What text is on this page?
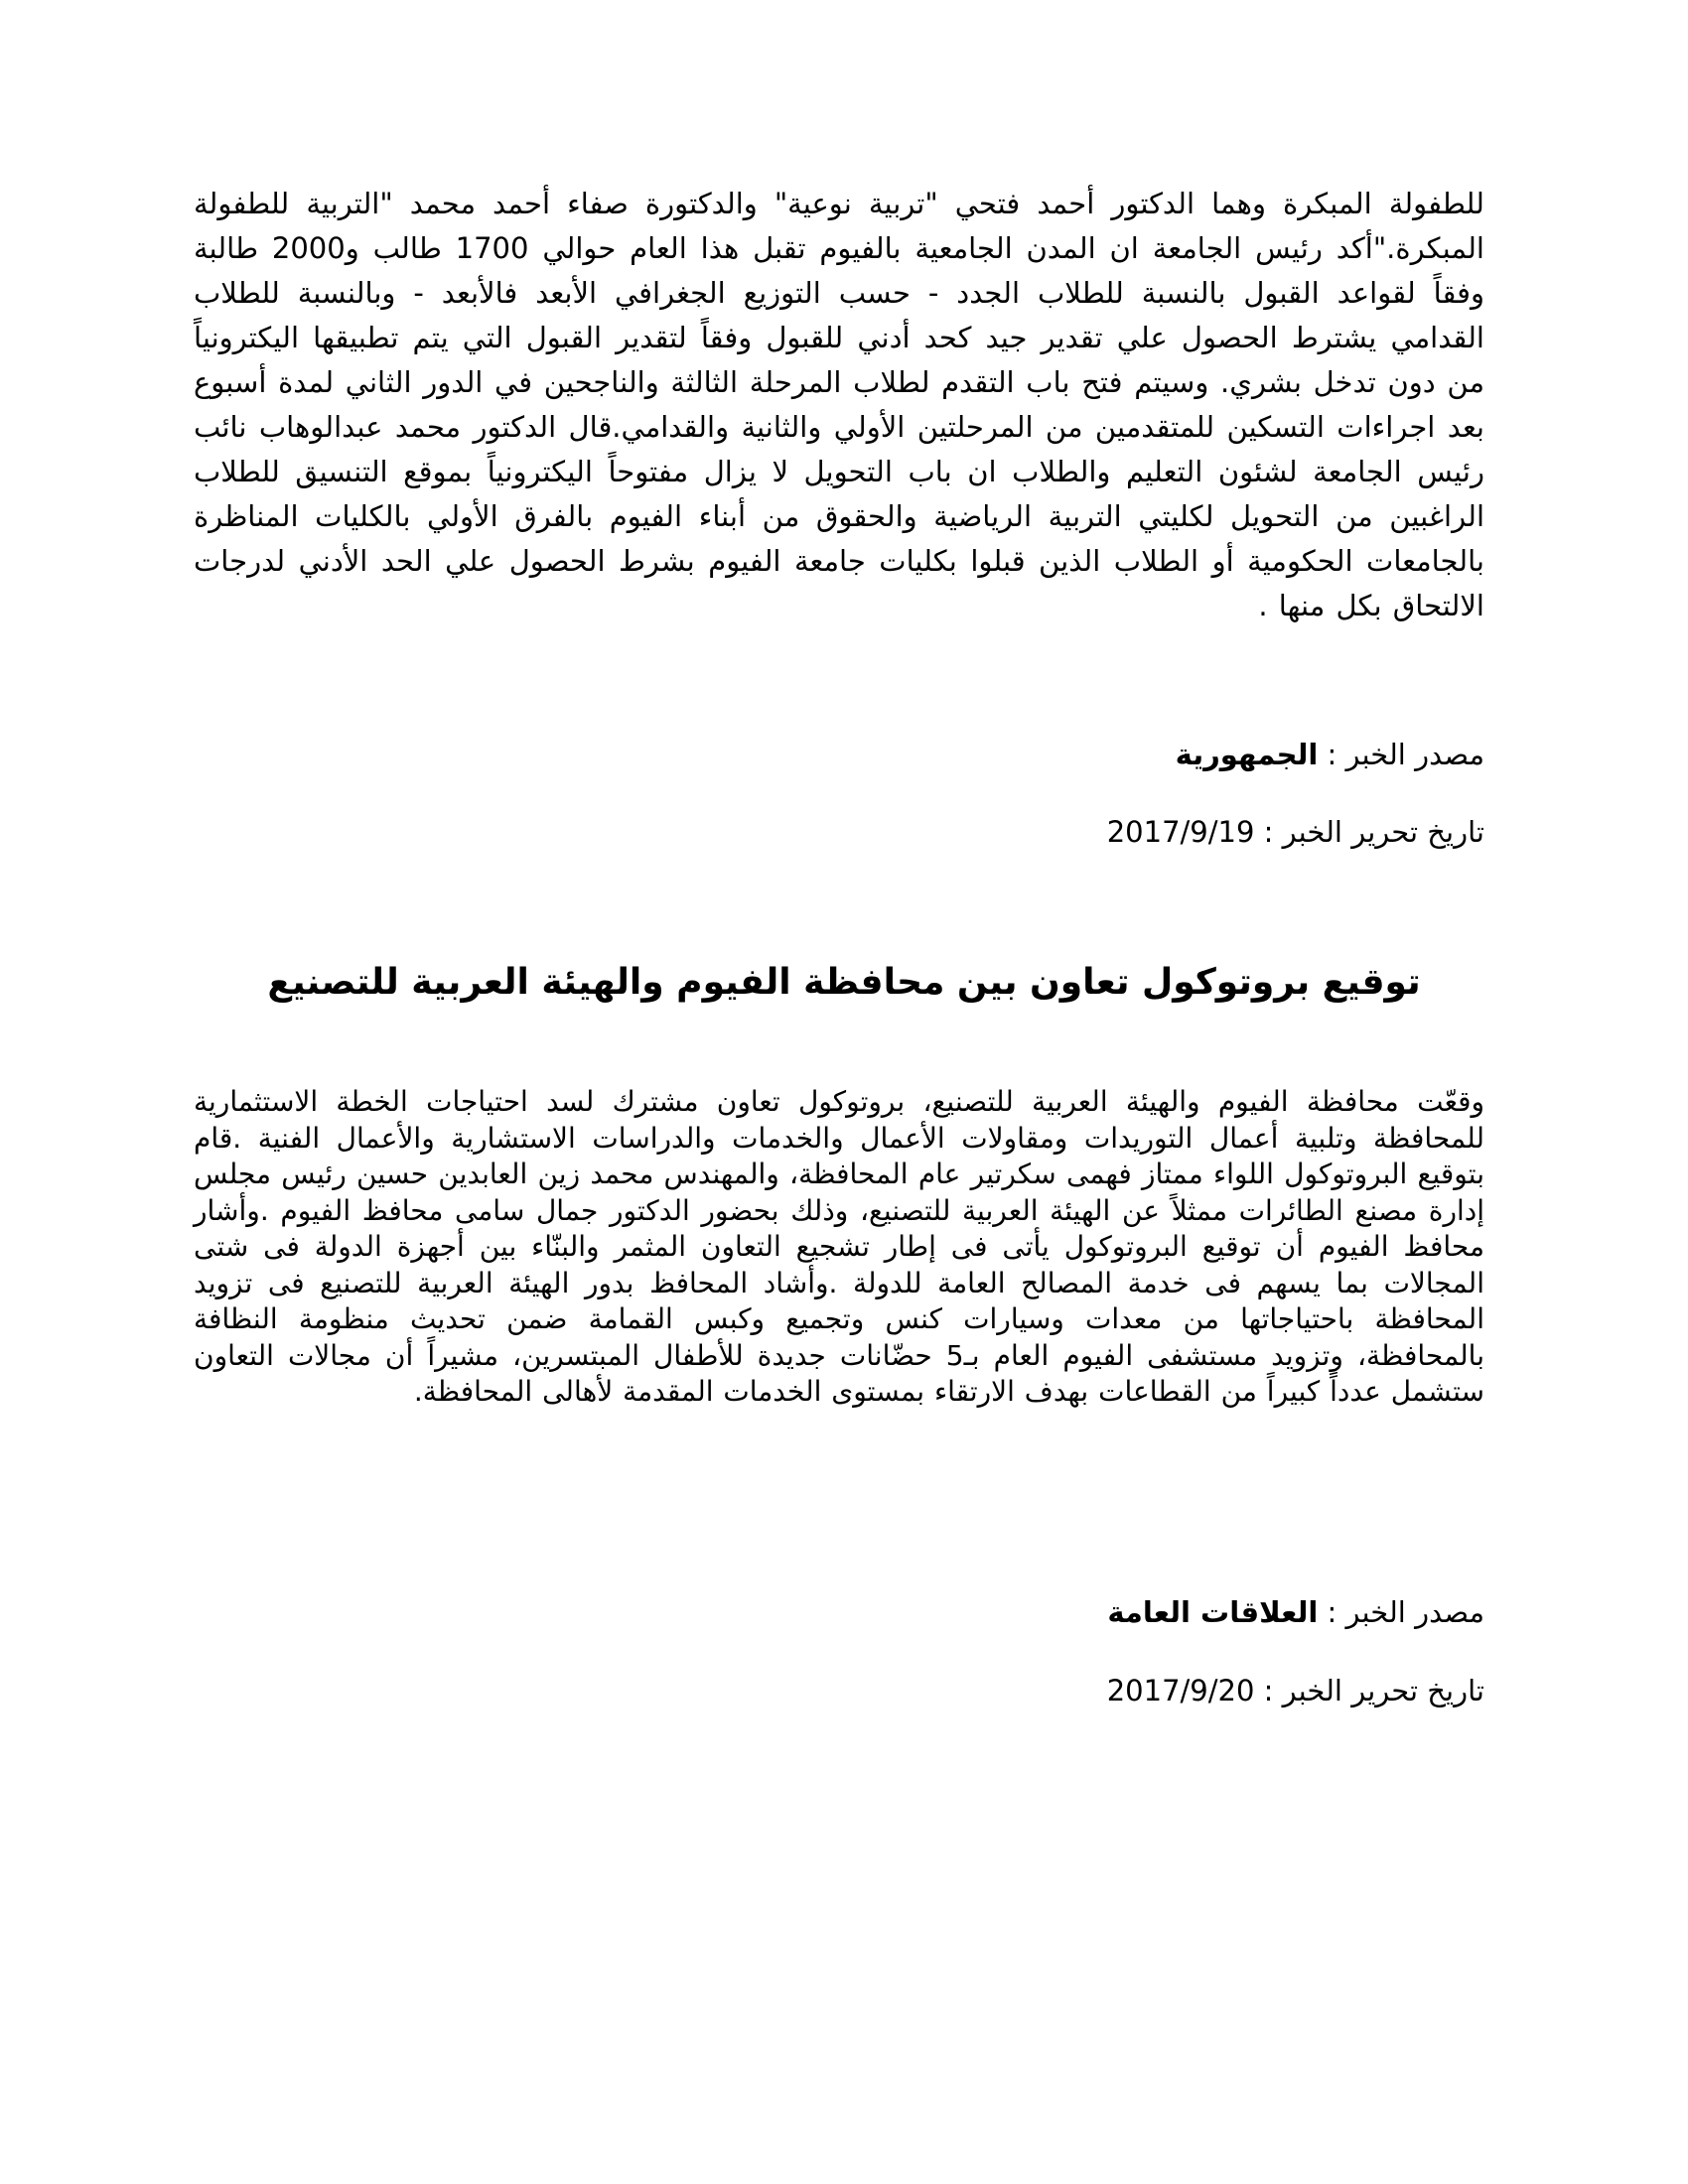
للطفولة المبكرة وهما الدكتور أحمد فتحي "تربية نوعية" والدكتورة صفاء أحمد محمد "التربية للطفولة المبكرة."أكد رئيس الجامعة ان المدن الجامعية بالفيوم تقبل هذا العام حوالي 1700 طالب و2000 طالبة وفقاً لقواعد القبول بالنسبة للطلاب الجدد - حسب التوزيع الجغرافي الأبعد فالأبعد - وبالنسبة للطلاب القدامي يشترط الحصول علي تقدير جيد كحد أدني للقبول وفقاً لتقدير القبول التي يتم تطبيقها اليكترونياً من دون تدخل بشري. وسيتم فتح باب التقدم لطلاب المرحلة الثالثة والناجحين في الدور الثاني لمدة أسبوع بعد اجراءات التسكين للمتقدمين من المرحلتين الأولي والثانية والقدامي.قال الدكتور محمد عبدالوهاب نائب رئيس الجامعة لشئون التعليم والطلاب ان باب التحويل لا يزال مفتوحاً اليكترونياً بموقع التنسيق للطلاب الراغبين من التحويل لكليتي التربية الرياضية والحقوق من أبناء الفيوم بالفرق الأولي بالكليات المناظرة بالجامعات الحكومية أو الطلاب الذين قبلوا بكليات جامعة الفيوم بشرط الحصول علي الحد الأدني لدرجات الالتحاق بكل منها .

مصدر الخبر : الجمهورية

تاريخ تحرير الخبر : 2017/9/19

توقيع بروتوكول تعاون بين محافظة الفيوم والهيئة العربية للتصنيع

وقعّت محافظة الفيوم والهيئة العربية للتصنيع، بروتوكول تعاون مشترك لسد احتياجات الخطة الاستثمارية للمحافظة وتلبية أعمال التوريدات ومقاولات الأعمال والخدمات والدراسات الاستشارية والأعمال الفنية .قام بتوقيع البروتوكول اللواء ممتاز فهمى سكرتير عام المحافظة، والمهندس محمد زين العابدين حسين رئيس مجلس إدارة مصنع الطائرات ممثلاً عن الهيئة العربية للتصنيع، وذلك بحضور الدكتور جمال سامى محافظ الفيوم .وأشار محافظ الفيوم أن توقيع البروتوكول يأتى فى إطار تشجيع التعاون المثمر والبنّاء بين أجهزة الدولة فى شتى المجالات بما يسهم فى خدمة المصالح العامة للدولة .وأشاد المحافظ بدور الهيئة العربية للتصنيع فى تزويد المحافظة باحتياجاتها من معدات وسيارات كنس وتجميع وكبس القمامة ضمن تحديث منظومة النظافة بالمحافظة، وتزويد مستشفى الفيوم العام بـ5 حضّانات جديدة للأطفال المبتسرين، مشيراً أن مجالات التعاون ستشمل عدداً كبيراً من القطاعات بهدف الارتقاء بمستوى الخدمات المقدمة لأهالى المحافظة.

مصدر الخبر : العلاقات العامة

تاريخ تحرير الخبر : 2017/9/20
